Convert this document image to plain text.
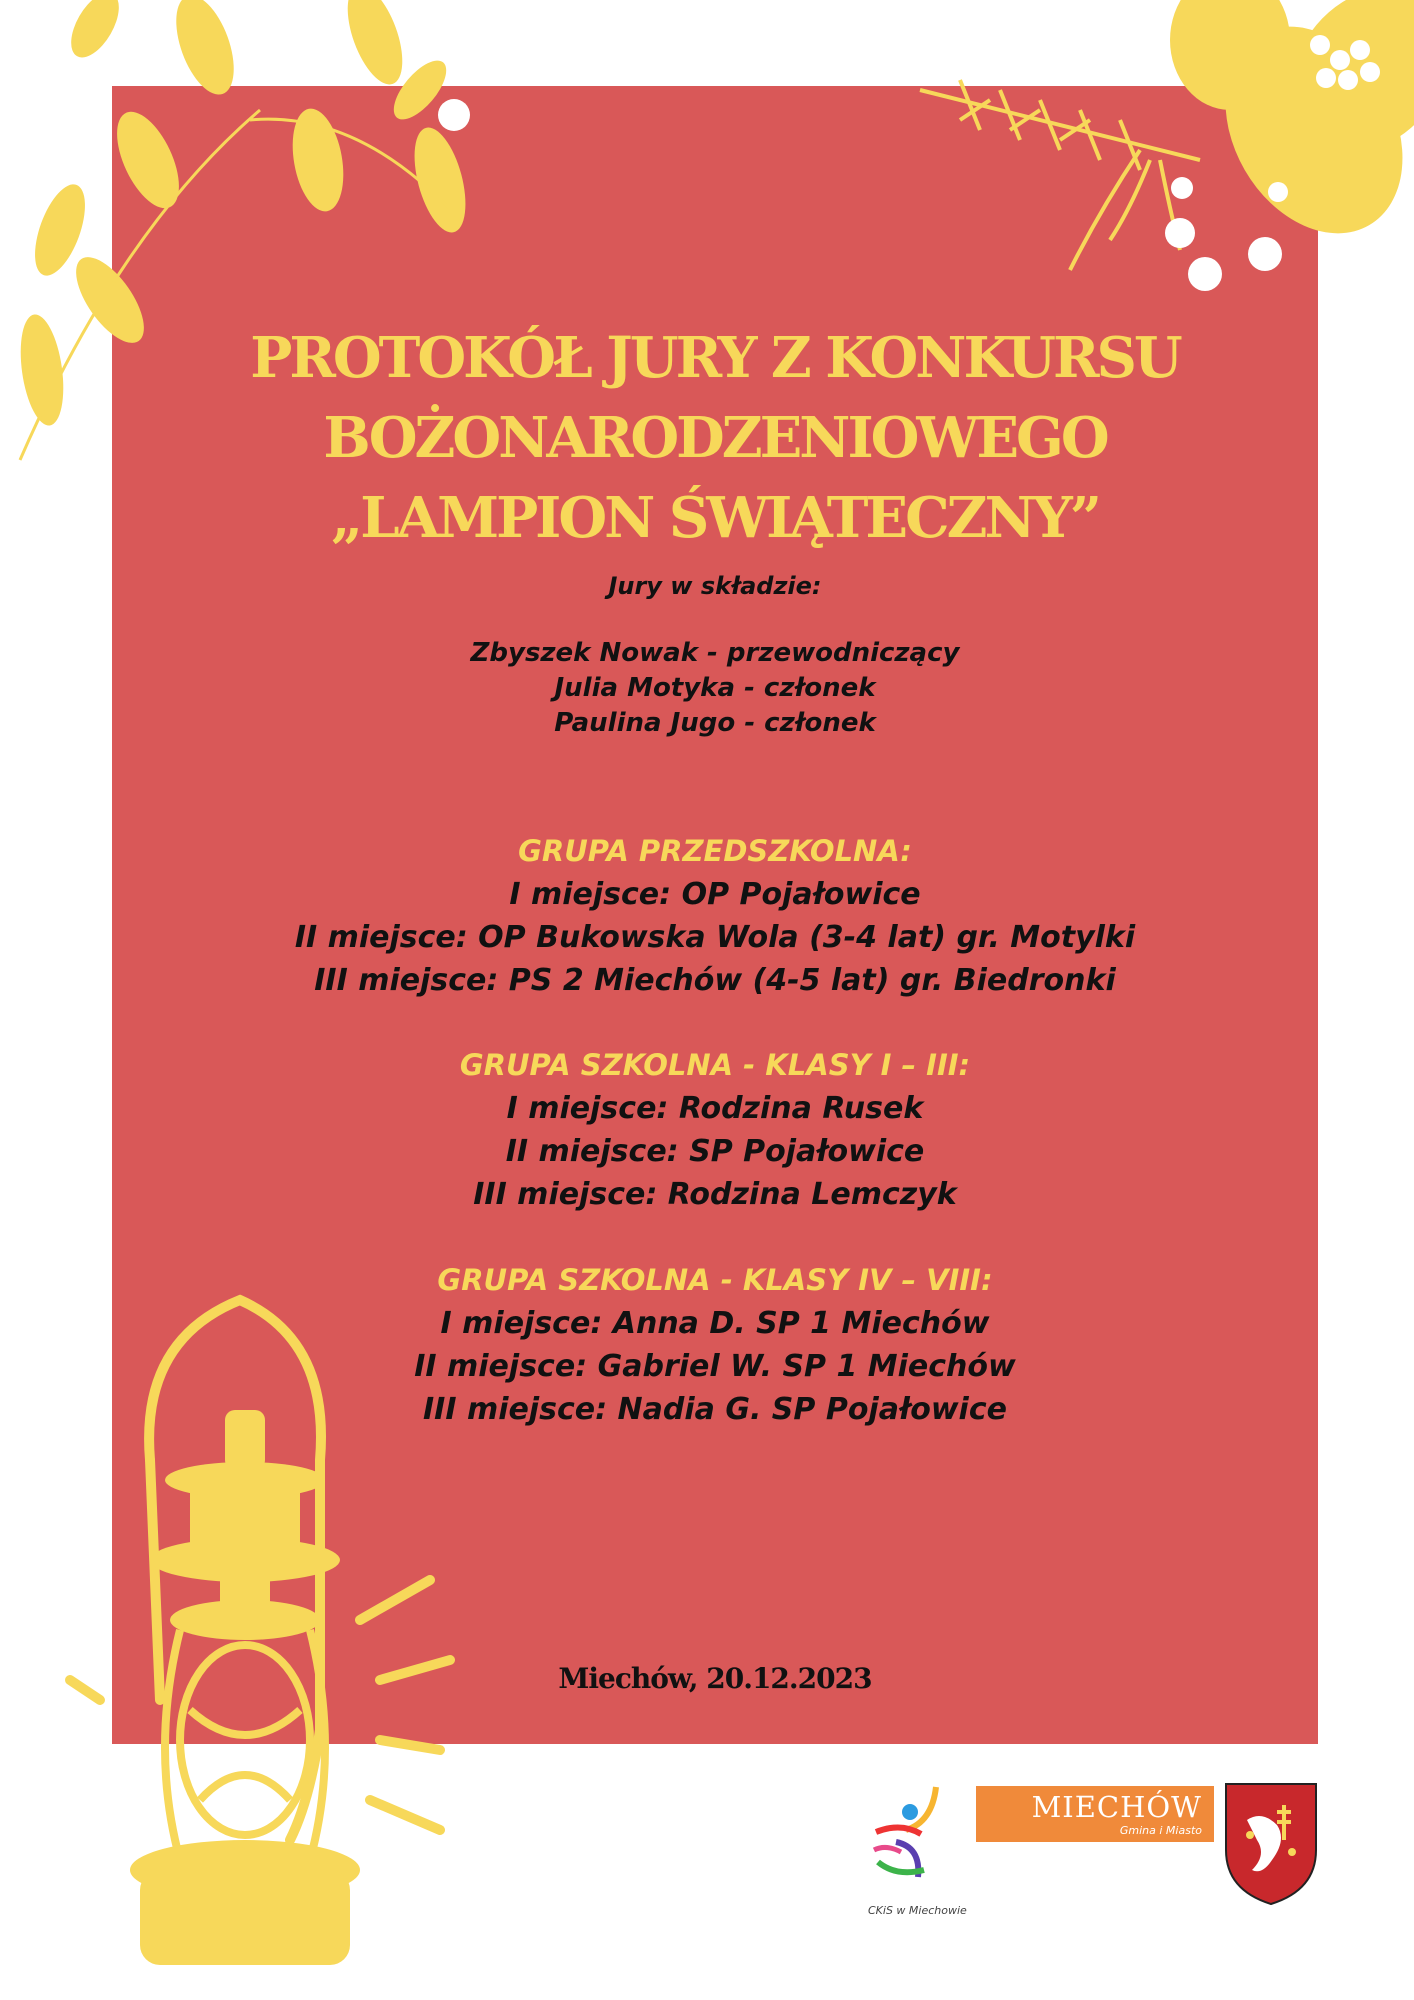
PROTOKÓŁ JURY Z KONKURSU
BOŻONARODZENIOWEGO
„LAMPION ŚWIĄTECZNY”
Jury w składzie:
Zbyszek Nowak - przewodniczący
Julia Motyka - członek
Paulina Jugo - członek
GRUPA PRZEDSZKOLNA:
I miejsce: OP Pojałowice
II miejsce: OP Bukowska Wola (3-4 lat) gr. Motylki
III miejsce: PS 2 Miechów (4-5 lat) gr. Biedronki
GRUPA SZKOLNA - KLASY I – III:
I miejsce: Rodzina Rusek
II miejsce: SP Pojałowice
III miejsce: Rodzina Lemczyk
GRUPA SZKOLNA - KLASY IV – VIII:
I miejsce: Anna D. SP 1 Miechów
II miejsce: Gabriel W. SP 1 Miechów
III miejsce: Nadia G. SP Pojałowice
Miechów, 20.12.2023
CKiS w Miechowie
MIECHÓW
Gmina i Miasto
